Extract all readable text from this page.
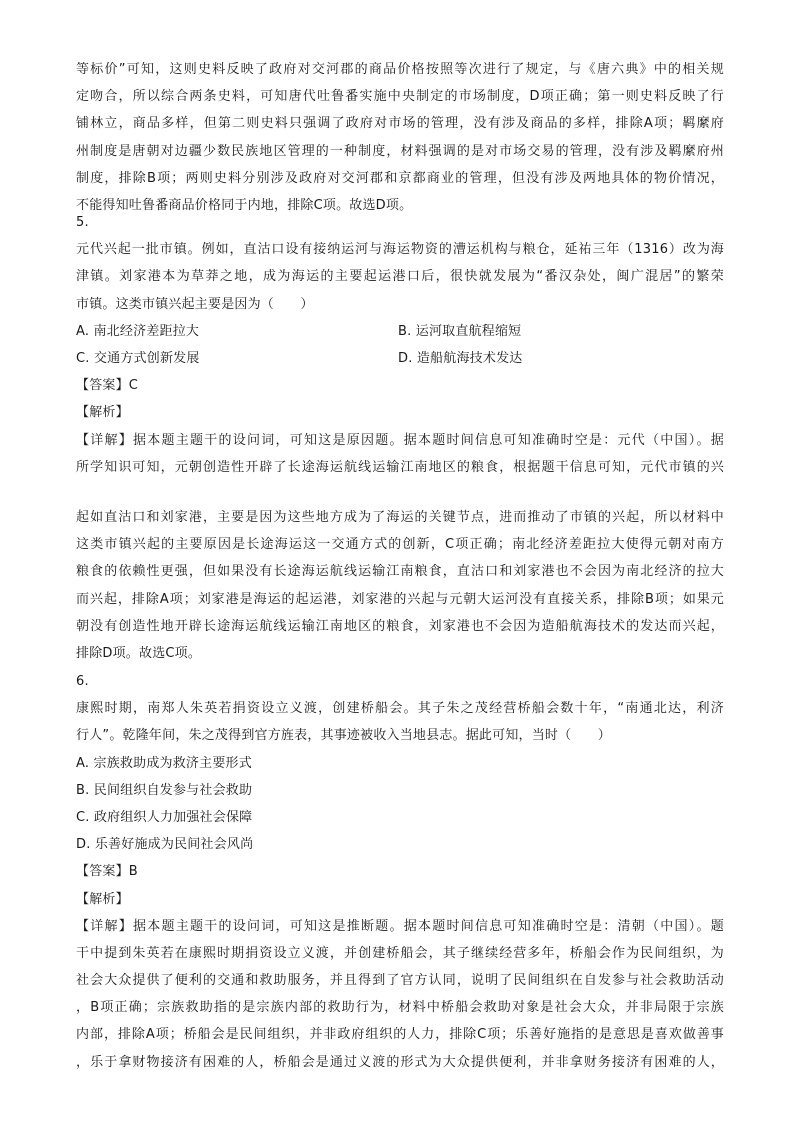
等标价”可知，这则史料反映了政府对交河郡的商品价格按照等次进行了规定，与《唐六典》中的相关规
定吻合，所以综合两条史料，可知唐代吐鲁番实施中央制定的市场制度，D项正确；第一则史料反映了行
铺林立，商品多样，但第二则史料只强调了政府对市场的管理，没有涉及商品的多样，排除A项；羁縻府
州制度是唐朝对边疆少数民族地区管理的一种制度，材料强调的是对市场交易的管理，没有涉及羁縻府州
制度，排除B项；两则史料分别涉及政府对交河郡和京都商业的管理，但没有涉及两地具体的物价情况，
不能得知吐鲁番商品价格同于内地，排除C项。故选D项。
5.
元代兴起一批市镇。例如，直沽口设有接纳运河与海运物资的漕运机构与粮仓，延祐三年（1316）改为海
津镇。刘家港本为草莽之地，成为海运的主要起运港口后，很快就发展为“番汉杂处，闽广混居”的繁荣
市镇。这类市镇兴起主要是因为（　　）
A. 南北经济差距拉大	B. 运河取直航程缩短
C. 交通方式创新发展	D. 造船航海技术发达
【答案】C
【解析】
【详解】据本题主题干的设问词，可知这是原因题。据本题时间信息可知准确时空是：元代（中国）。据
所学知识可知，元朝创造性开辟了长途海运航线运输江南地区的粮食，根据题干信息可知，元代市镇的兴
起如直沽口和刘家港，主要是因为这些地方成为了海运的关键节点，进而推动了市镇的兴起，所以材料中
这类市镇兴起的主要原因是长途海运这一交通方式的创新，C项正确；南北经济差距拉大使得元朝对南方
粮食的依赖性更强，但如果没有长途海运航线运输江南粮食，直沽口和刘家港也不会因为南北经济的拉大
而兴起，排除A项；刘家港是海运的起运港，刘家港的兴起与元朝大运河没有直接关系，排除B项；如果元
朝没有创造性地开辟长途海运航线运输江南地区的粮食，刘家港也不会因为造船航海技术的发达而兴起，
排除D项。故选C项。
6.
康熙时期，南郑人朱英若捐资设立义渡，创建桥船会。其子朱之茂经营桥船会数十年，“南通北达，利济
行人”。乾隆年间，朱之茂得到官方旌表，其事迹被收入当地县志。据此可知，当时（　　）
A. 宗族救助成为救济主要形式
B. 民间组织自发参与社会救助
C. 政府组织人力加强社会保障
D. 乐善好施成为民间社会风尚
【答案】B
【解析】
【详解】据本题主题干的设问词，可知这是推断题。据本题时间信息可知准确时空是：清朝（中国）。题
干中提到朱英若在康熙时期捐资设立义渡，并创建桥船会，其子继续经营多年，桥船会作为民间组织，为
社会大众提供了便利的交通和救助服务，并且得到了官方认同，说明了民间组织在自发参与社会救助活动
，B项正确；宗族救助指的是宗族内部的救助行为，材料中桥船会救助对象是社会大众，并非局限于宗族
内部，排除A项；桥船会是民间组织，并非政府组织的人力，排除C项；乐善好施指的是意思是喜欢做善事
，乐于拿财物接济有困难的人，桥船会是通过义渡的形式为大众提供便利，并非拿财务接济有困难的人，
